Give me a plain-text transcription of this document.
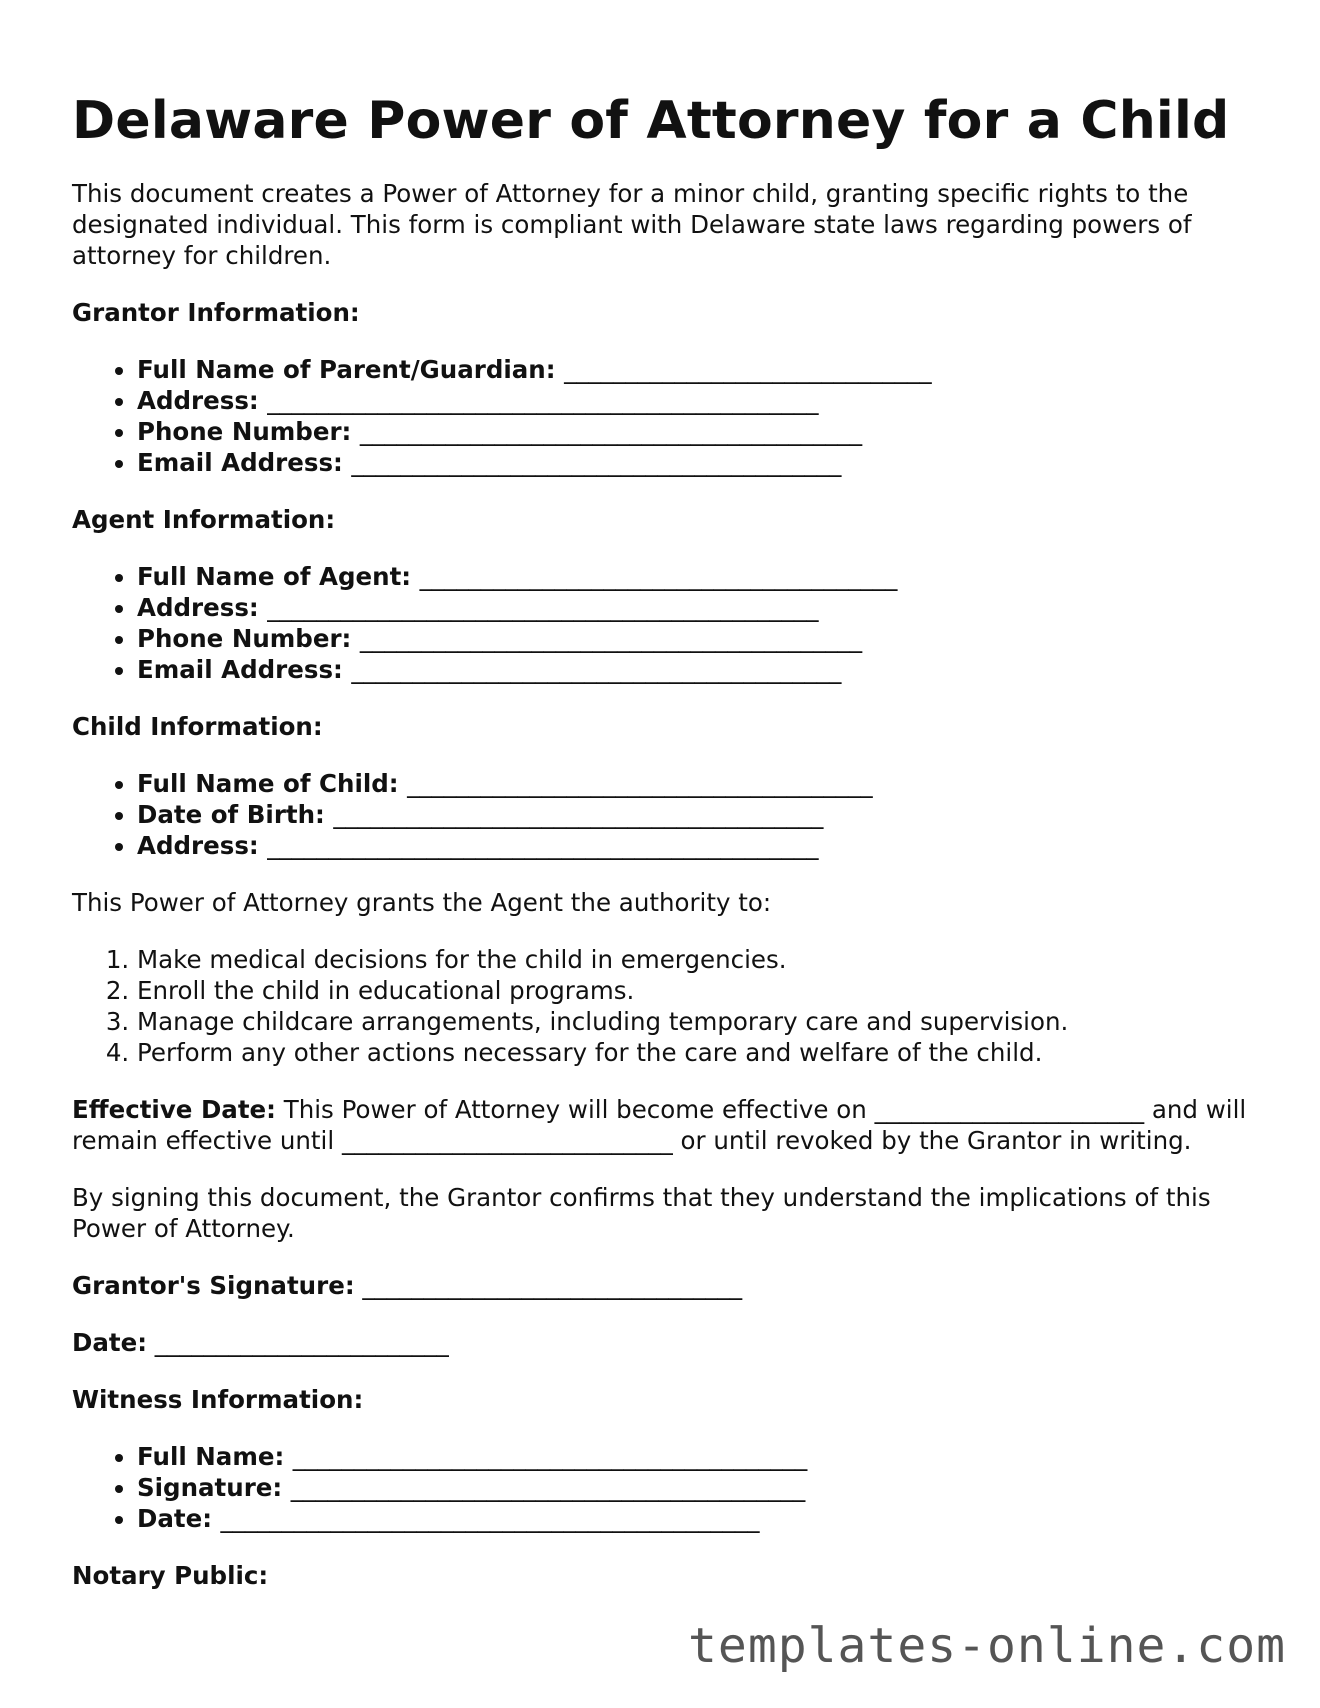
Delaware Power of Attorney for a Child

This document creates a Power of Attorney for a minor child, granting specific rights to the designated individual. This form is compliant with Delaware state laws regarding powers of attorney for children.

Grantor Information:
• Full Name of Parent/Guardian: ______________________________
• Address: _____________________________________________
• Phone Number: _________________________________________
• Email Address: ________________________________________
Agent Information:
• Full Name of Agent: _______________________________________
• Address: _____________________________________________
• Phone Number: _________________________________________
• Email Address: ________________________________________
Child Information:
• Full Name of Child: ______________________________________
• Date of Birth: ________________________________________
• Address: _____________________________________________

This Power of Attorney grants the Agent the authority to:

1. Make medical decisions for the child in emergencies.
2. Enroll the child in educational programs.
3. Manage childcare arrangements, including temporary care and supervision.
4. Perform any other actions necessary for the care and welfare of the child.

Effective Date: This Power of Attorney will become effective on ______________________ and will remain effective until ___________________________ or until revoked by the Grantor in writing.

By signing this document, the Grantor confirms that they understand the implications of this Power of Attorney.

Grantor's Signature: _______________________________
Date: ________________________
Witness Information:
• Full Name: __________________________________________
• Signature: __________________________________________
• Date: ____________________________________________
Notary Public:
templates-online.com
